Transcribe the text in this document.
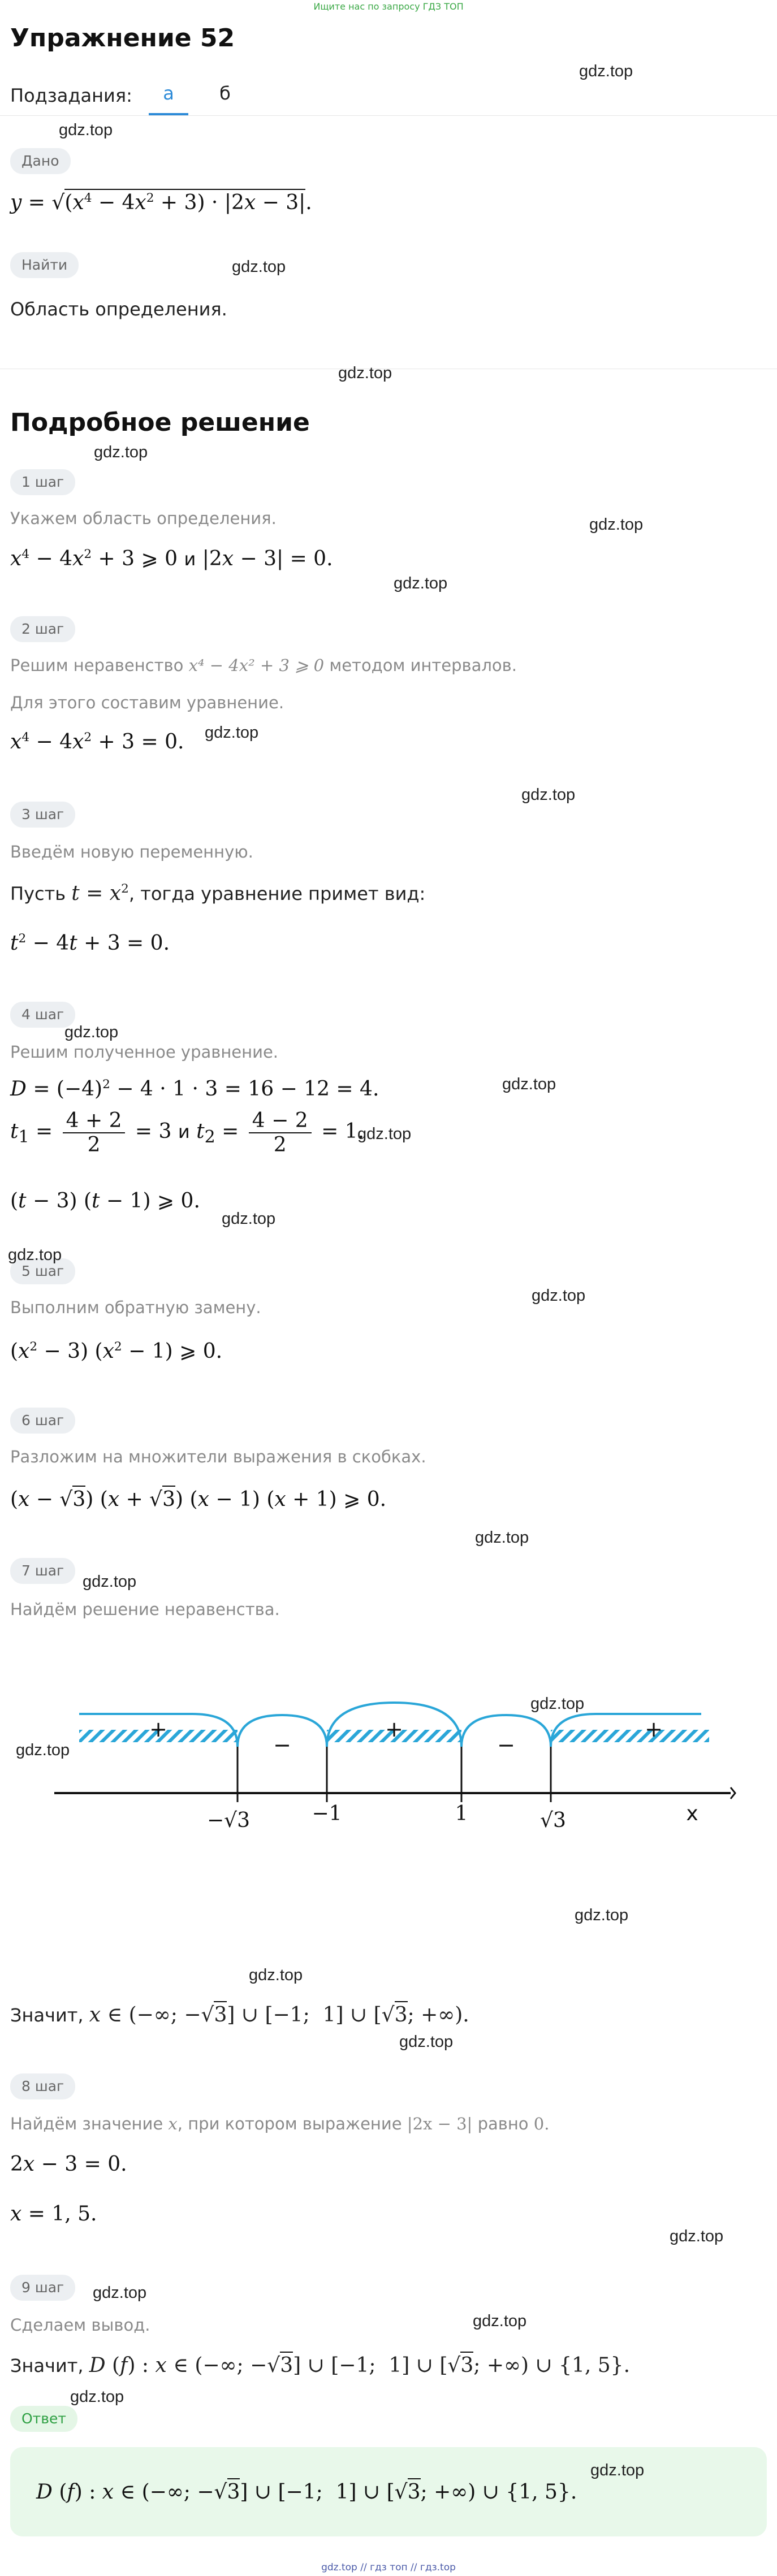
Ищите нас по запросу ГДЗ ТОП
Упражнение 52
Подзадания:	а	б
Дано
$y = √(x^4 - 4x^2 + 3) \cdot |2x - 3|$.
Найти
Область определения.
Подробное решение
1 шаг
Укажем область определения.
$x^4 - 4x^2 + 3$ ⩾ 0 и |2x − 3| = 0.
2 шаг
Решим неравенство x⁴ − 4x² + 3 ⩾ 0 методом интервалов.
Для этого составим уравнение.
$x^4 - 4x^2 + 3 = 0$.
3 шаг
Введём новую переменную.
Пусть $t = x^2$, тогда уравнение примет вид:
$t^2 - 4t + 3 = 0$.
4 шаг
Решим полученное уравнение.
$D = (-4)^2 - 4 \cdot 1 \cdot 3 = 16 - 12 = 4$.
$t_1 = \frac{4 + 2}{2} = 3$ и $t_2 = \frac{4 - 2}{2} = 1$.
(t − 3) (t − 1) ⩾ 0.
5 шаг
Выполним обратную замену.
$(x^2 - 3) (x^2 - 1)$ ⩾ 0.
6 шаг
Разложим на множители выражения в скобках.
(x − √3) (x + √3) (x − 1) (x + 1) ⩾ 0.
7 шаг
Найдём решение неравенства.
+
−
+
−
+
−√3	−1	1	√3	x
Значит, x ∈ (−∞; −√3] ∪ [−1;  1] ∪ [√3; +∞).
8 шаг
Найдём значение x, при котором выражение |2x − 3| равно 0.
2x − 3 = 0.
x = 1, 5.
9 шаг
Сделаем вывод.
Значит, D (f) : x ∈ (−∞; −√3] ∪ [−1;  1] ∪ [√3; +∞) ∪ {1, 5}.
Ответ
D (f) : x ∈ (−∞; −√3] ∪ [−1;  1] ∪ [√3; +∞) ∪ {1, 5}.
gdz.top
gdz.top
gdz.top
gdz.top
gdz.top
gdz.top
gdz.top
gdz.top
gdz.top
gdz.top
gdz.top
gdz.top
gdz.top
gdz.top
gdz.top
gdz.top
gdz.top
gdz.top
gdz.top
gdz.top
gdz.top
gdz.top
gdz.top
gdz.top
gdz.top
gdz.top
gdz.top
gdz.top // гдз топ // гдз.top
